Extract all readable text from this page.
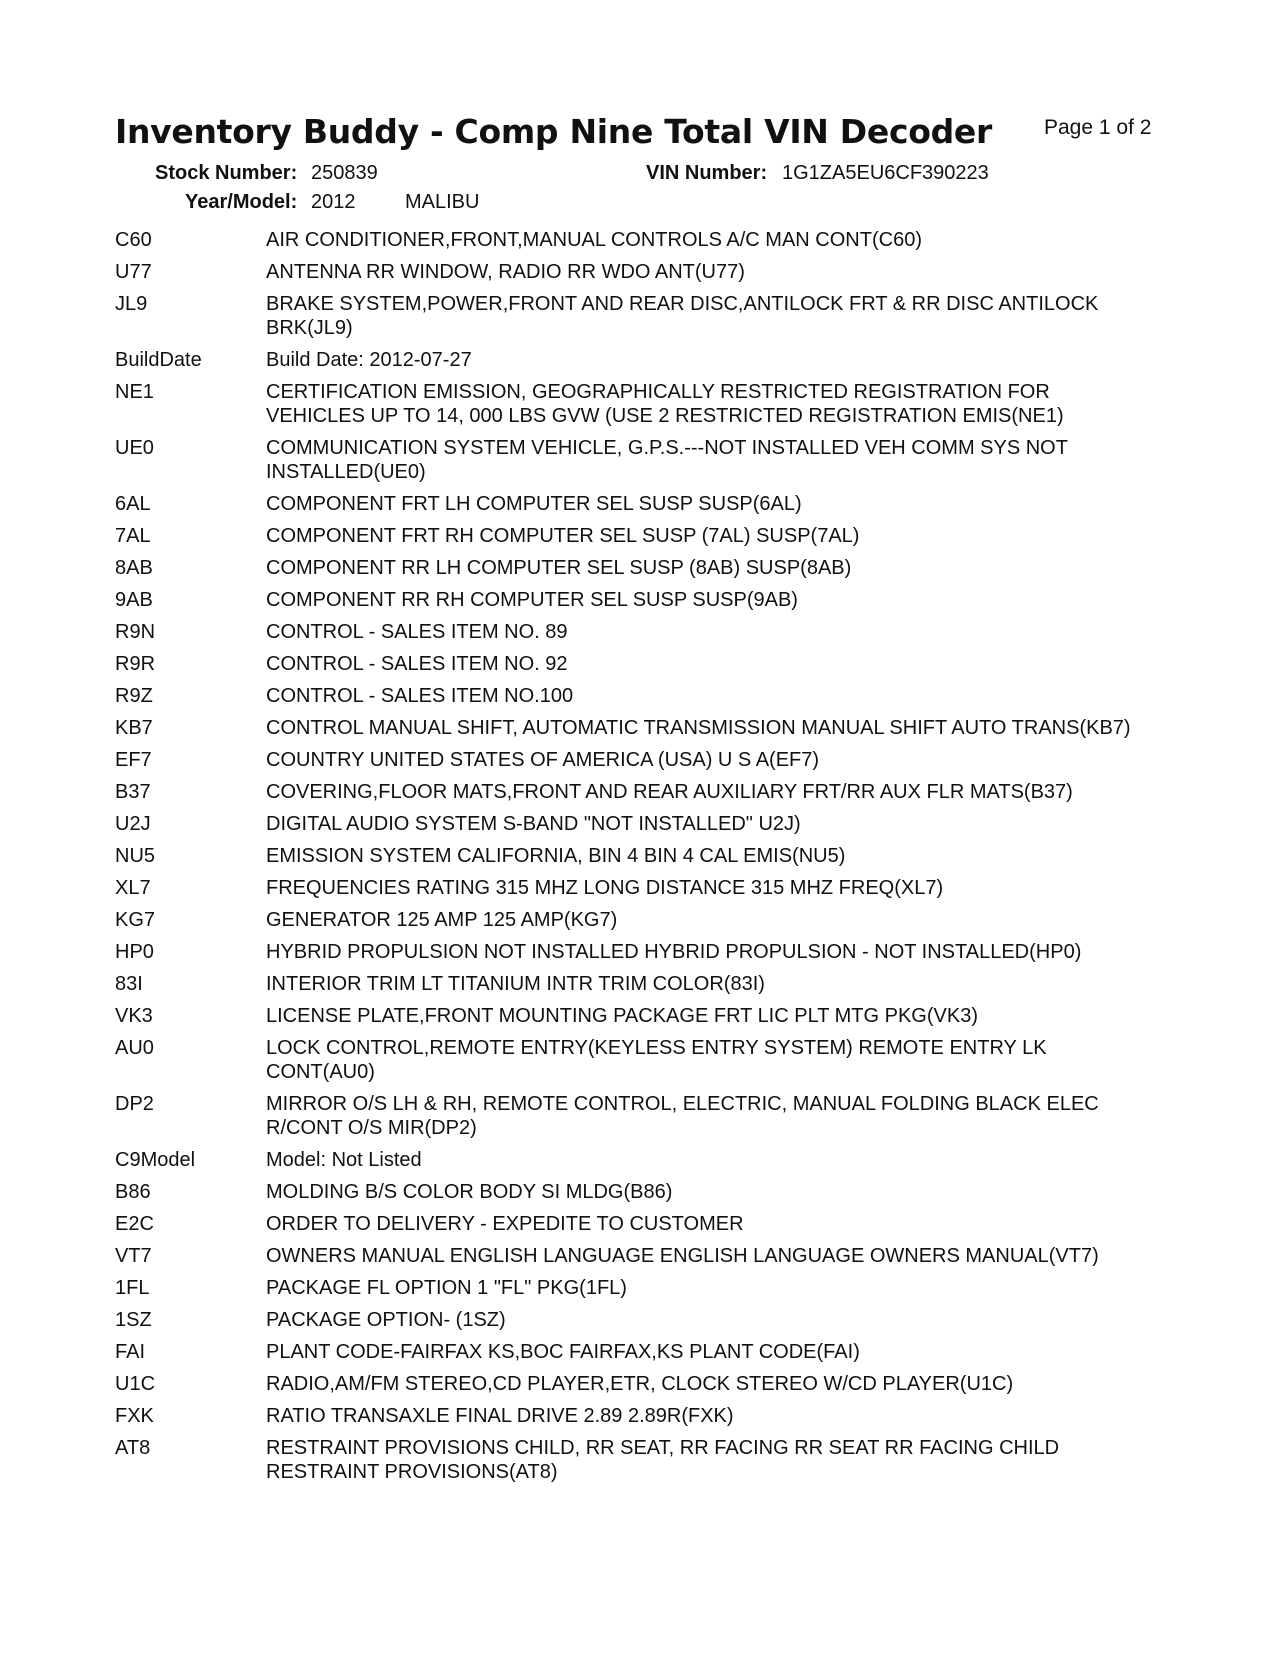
Inventory Buddy - Comp Nine Total VIN Decoder Page 1 of 2
Stock Number: 250839	VIN Number: 1G1ZA5EU6CF390223
Year/Model: 2012 MALIBU
C60	AIR CONDITIONER,FRONT,MANUAL CONTROLS A/C MAN CONT(C60)
U77	ANTENNA RR WINDOW, RADIO RR WDO ANT(U77)
JL9	BRAKE SYSTEM,POWER,FRONT AND REAR DISC,ANTILOCK FRT & RR DISC ANTILOCK BRK(JL9)
BuildDate	Build Date: 2012-07-27
NE1	CERTIFICATION EMISSION, GEOGRAPHICALLY RESTRICTED REGISTRATION FOR VEHICLES UP TO 14, 000 LBS GVW (USE 2 RESTRICTED REGISTRATION EMIS(NE1)
UE0	COMMUNICATION SYSTEM VEHICLE, G.P.S.---NOT INSTALLED VEH COMM SYS NOT INSTALLED(UE0)
6AL	COMPONENT FRT LH COMPUTER SEL SUSP SUSP(6AL)
7AL	COMPONENT FRT RH COMPUTER SEL SUSP (7AL) SUSP(7AL)
8AB	COMPONENT RR LH COMPUTER SEL SUSP (8AB) SUSP(8AB)
9AB	COMPONENT RR RH COMPUTER SEL SUSP SUSP(9AB)
R9N	CONTROL - SALES ITEM NO. 89
R9R	CONTROL - SALES ITEM NO. 92
R9Z	CONTROL - SALES ITEM NO.100
KB7	CONTROL MANUAL SHIFT, AUTOMATIC TRANSMISSION MANUAL SHIFT AUTO TRANS(KB7)
EF7	COUNTRY UNITED STATES OF AMERICA (USA) U S A(EF7)
B37	COVERING,FLOOR MATS,FRONT AND REAR AUXILIARY FRT/RR AUX FLR MATS(B37)
U2J	DIGITAL AUDIO SYSTEM S-BAND "NOT INSTALLED" U2J)
NU5	EMISSION SYSTEM CALIFORNIA, BIN 4 BIN 4 CAL EMIS(NU5)
XL7	FREQUENCIES RATING 315 MHZ LONG DISTANCE 315 MHZ FREQ(XL7)
KG7	GENERATOR 125 AMP 125 AMP(KG7)
HP0	HYBRID PROPULSION NOT INSTALLED HYBRID PROPULSION - NOT INSTALLED(HP0)
83I	INTERIOR TRIM LT TITANIUM INTR TRIM COLOR(83I)
VK3	LICENSE PLATE,FRONT MOUNTING PACKAGE FRT LIC PLT MTG PKG(VK3)
AU0	LOCK CONTROL,REMOTE ENTRY(KEYLESS ENTRY SYSTEM) REMOTE ENTRY LK CONT(AU0)
DP2	MIRROR O/S LH & RH, REMOTE CONTROL, ELECTRIC, MANUAL FOLDING BLACK ELEC R/CONT O/S MIR(DP2)
C9Model	Model: Not Listed
B86	MOLDING B/S COLOR BODY SI MLDG(B86)
E2C	ORDER TO DELIVERY - EXPEDITE TO CUSTOMER
VT7	OWNERS MANUAL ENGLISH LANGUAGE ENGLISH LANGUAGE OWNERS MANUAL(VT7)
1FL	PACKAGE FL OPTION 1 "FL" PKG(1FL)
1SZ	PACKAGE OPTION- (1SZ)
FAI	PLANT CODE-FAIRFAX KS,BOC FAIRFAX,KS PLANT CODE(FAI)
U1C	RADIO,AM/FM STEREO,CD PLAYER,ETR, CLOCK STEREO W/CD PLAYER(U1C)
FXK	RATIO TRANSAXLE FINAL DRIVE 2.89 2.89R(FXK)
AT8	RESTRAINT PROVISIONS CHILD, RR SEAT, RR FACING RR SEAT RR FACING CHILD RESTRAINT PROVISIONS(AT8)
